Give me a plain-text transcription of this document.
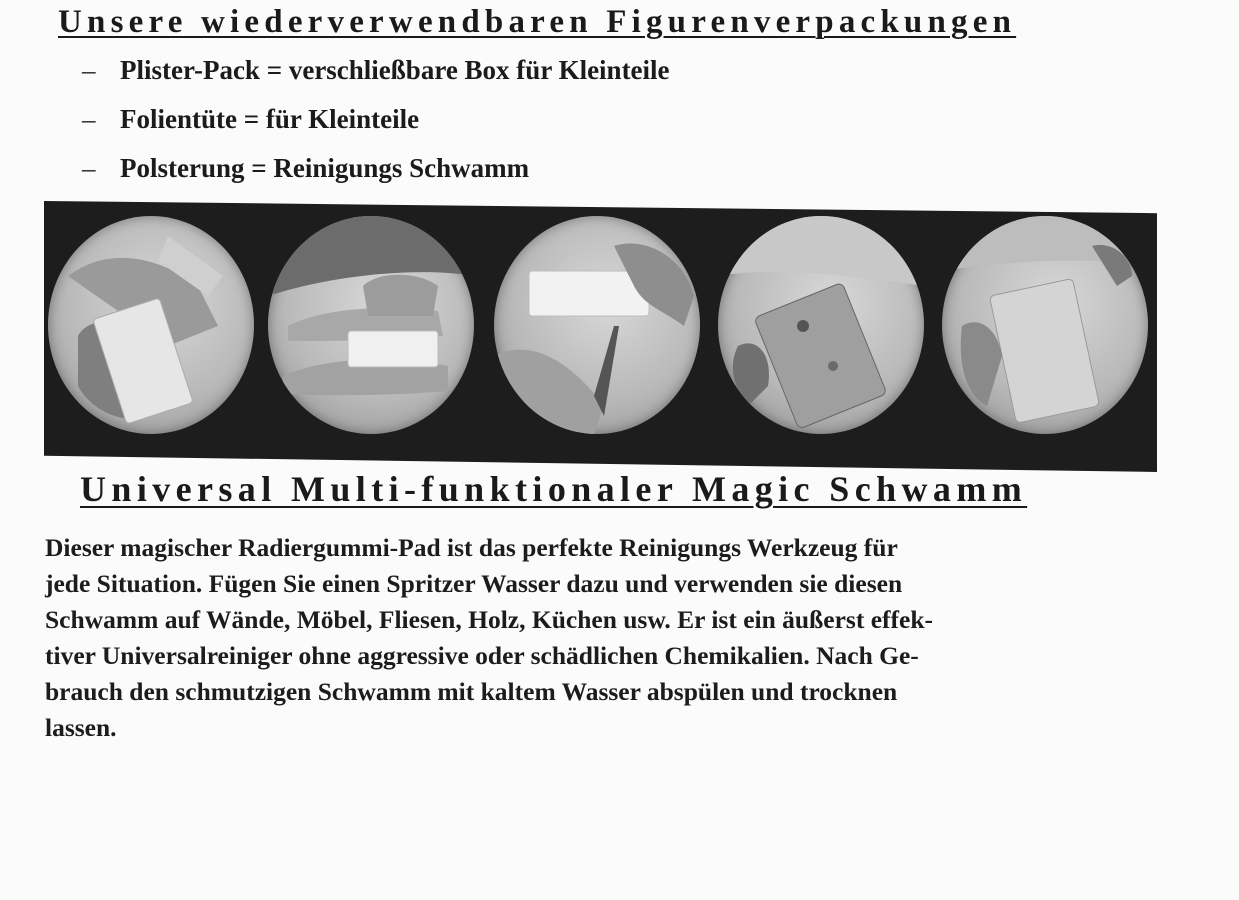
Unsere wiederverwendbaren Figurenverpackungen
– Plister-Pack = verschließbare Box für Kleinteile
– Folientüte = für Kleinteile
– Polsterung = Reinigungs Schwamm
Universal Multi-funktionaler Magic Schwamm
Dieser magischer Radiergummi-Pad ist das perfekte Reinigungs Werkzeug für
jede Situation. Fügen Sie einen Spritzer Wasser dazu und verwenden sie diesen
Schwamm auf Wände, Möbel, Fliesen, Holz, Küchen usw. Er ist ein äußerst effek-
tiver Universalreiniger ohne aggressive oder schädlichen Chemikalien. Nach Ge-
brauch den schmutzigen Schwamm mit kaltem Wasser abspülen und trocknen
lassen.
